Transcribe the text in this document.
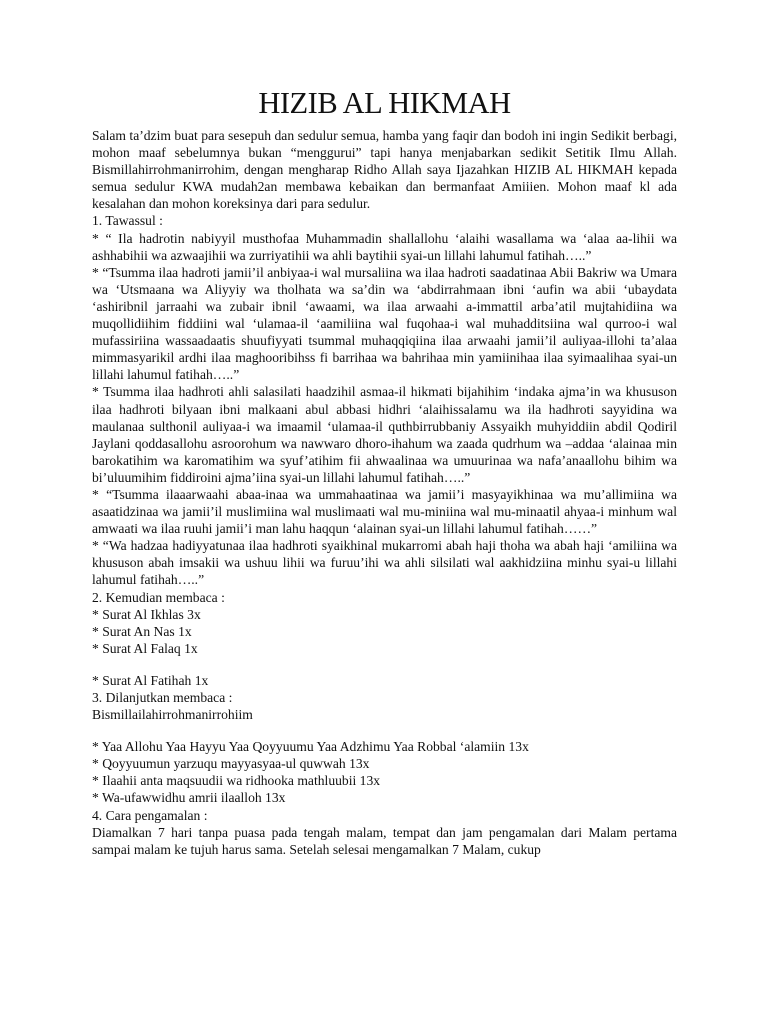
HIZIB AL HIKMAH

Salam ta’dzim buat para sesepuh dan sedulur semua, hamba yang faqir dan bodoh ini ingin Sedikit berbagi, mohon maaf sebelumnya bukan “menggurui” tapi hanya menjabarkan sedikit Setitik Ilmu Allah. Bismillahirrohmanirrohim, dengan mengharap Ridho Allah saya Ijazahkan HIZIB AL HIKMAH kepada semua sedulur KWA mudah2an membawa kebaikan dan bermanfaat Amiiien. Mohon maaf kl ada kesalahan dan mohon koreksinya dari para sedulur.

1. Tawassul :

* “ Ila hadrotin nabiyyil musthofaa Muhammadin shallallohu ‘alaihi wasallama wa ‘alaa aa-lihii wa ashhabihii wa azwaajihii wa zurriyatihii wa ahli baytihii syai-un lillahi lahumul fatihah…..”

* “Tsumma ilaa hadroti jamii’il anbiyaa-i wal mursaliina wa ilaa hadroti saadatinaa Abii Bakriw wa Umara wa ‘Utsmaana wa Aliyyiy wa tholhata wa sa’din wa ‘abdirrahmaan ibni ‘aufin wa abii ‘ubaydata ‘ashiribnil jarraahi wa zubair ibnil ‘awaami, wa ilaa arwaahi a-immattil arba’atil mujtahidiina wa muqollidiihim fiddiini wal ‘ulamaa-il ‘aamiliina wal fuqohaa-i wal muhadditsiina wal qurroo-i wal mufassiriina wassaadaatis shuufiyyati tsummal muhaqqiqiina ilaa arwaahi jamii’il auliyaa-illohi ta’alaa mimmasyarikil ardhi ilaa maghooribihss fi barrihaa wa bahrihaa min yamiinihaa ilaa syimaalihaa syai-un lillahi lahumul fatihah…..”

* Tsumma ilaa hadhroti ahli salasilati haadzihil asmaa-il hikmati bijahihim ‘indaka ajma’in wa khususon ilaa hadhroti bilyaan ibni malkaani abul abbasi hidhri ‘alaihissalamu wa ila hadhroti sayyidina wa maulanaa sulthonil auliyaa-i wa imaamil ‘ulamaa-il quthbirrubbaniy Assyaikh muhyiddiin abdil Qodiril Jaylani qoddasallohu asroorohum wa nawwaro dhoro-ihahum wa zaada qudrhum wa –addaa ‘alainaa min barokatihim wa karomatihim wa syuf’atihim fii ahwaalinaa wa umuurinaa wa nafa’anaallohu bihim wa bi’uluumihim fiddiroini ajma’iina syai-un lillahi lahumul fatihah…..”

* “Tsumma ilaaarwaahi abaa-inaa wa ummahaatinaa wa jamii’i masyayikhinaa wa mu’allimiina wa asaatidzinaa wa jamii’il muslimiina wal muslimaati wal mu-miniina wal mu-minaatil ahyaa-i minhum wal amwaati wa ilaa ruuhi jamii’i man lahu haqqun ‘alainan syai-un lillahi lahumul fatihah……”

* “Wa hadzaa hadiyyatunaa ilaa hadhroti syaikhinal mukarromi abah haji thoha wa abah haji ‘amiliina wa khususon abah imsakii wa ushuu lihii wa furuu’ihi wa ahli silsilati wal aakhidziina minhu syai-u lillahi lahumul fatihah…..”

2. Kemudian membaca :

* Surat Al Ikhlas 3x

* Surat An Nas 1x

* Surat Al Falaq 1x

* Surat Al Fatihah 1x

3. Dilanjutkan membaca :

Bismillailahirrohmanirrohiim

* Yaa Allohu Yaa Hayyu Yaa Qoyyuumu Yaa Adzhimu Yaa Robbal ‘alamiin 13x

* Qoyyuumun yarzuqu mayyasyaa-ul quwwah 13x

* Ilaahii anta maqsuudii wa ridhooka mathluubii 13x

* Wa-ufawwidhu amrii ilaalloh 13x

4. Cara pengamalan :

Diamalkan 7 hari tanpa puasa pada tengah malam, tempat dan jam pengamalan dari Malam pertama sampai malam ke tujuh harus sama. Setelah selesai mengamalkan 7 Malam, cukup
